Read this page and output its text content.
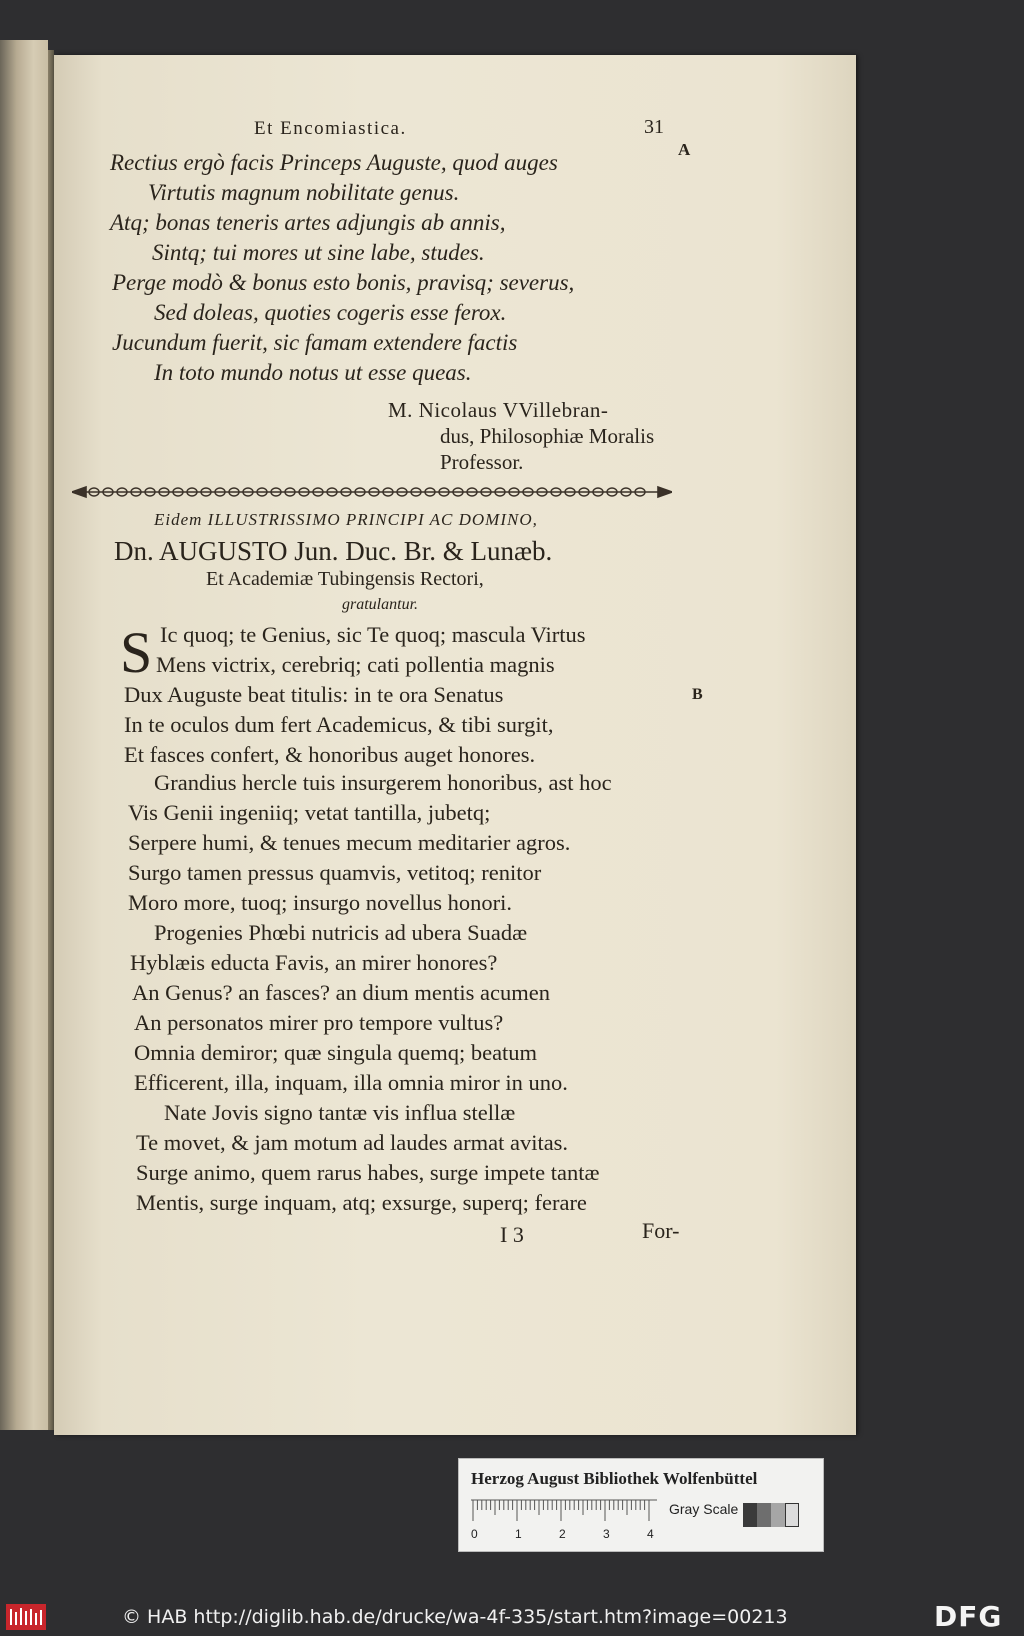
Et Encomiastica.	31
A
B
Rectius ergò facis Princeps Auguste, quod auges
Virtutis magnum nobilitate genus.
Atq; bonas teneris artes adjungis ab annis,
Sintq; tui mores ut sine labe, studes.
Perge modò & bonus esto bonis, pravisq; severus,
Sed doleas, quoties cogeris esse ferox.
Jucundum fuerit, sic famam extendere factis
In toto mundo notus ut esse queas.
M. Nicolaus VVillebran-
dus, Philosophiæ Moralis
Professor.
Eidem ILLUSTRISSIMO PRINCIPI AC DOMINO,
Dn. AUGUSTO Jun. Duc. Br. & Lunæb.
Et Academiæ Tubingensis Rectori,
gratulantur.
S Ic quoq; te Genius, sic Te quoq; mascula Virtus
Mens victrix, cerebriq; cati pollentia magnis
Dux Auguste beat titulis: in te ora Senatus
In te oculos dum fert Academicus, & tibi surgit,
Et fasces confert, & honoribus auget honores.
Grandius hercle tuis insurgerem honoribus, ast hoc
Vis Genii ingeniiq; vetat tantilla, jubetq;
Serpere humi, & tenues mecum meditarier agros.
Surgo tamen pressus quamvis, vetitoq; renitor
Moro more, tuoq; insurgo novellus honori.
Progenies Phœbi nutricis ad ubera Suadæ
Hyblæis educta Favis, an mirer honores?
An Genus? an fasces? an dium mentis acumen
An personatos mirer pro tempore vultus?
Omnia demiror; quæ singula quemq; beatum
Efficerent, illa, inquam, illa omnia miror in uno.
Nate Jovis signo tantæ vis influa stellæ
Te movet, & jam motum ad laudes armat avitas.
Surge animo, quem rarus habes, surge impete tantæ
Mentis, surge inquam, atq; exsurge, superq; ferare
I 3	For-
Herzog August Bibliothek Wolfenbüttel
0	1	2	3	4
Gray Scale
© HAB http://diglib.hab.de/drucke/wa-4f-335/start.htm?image=00213	DFG
